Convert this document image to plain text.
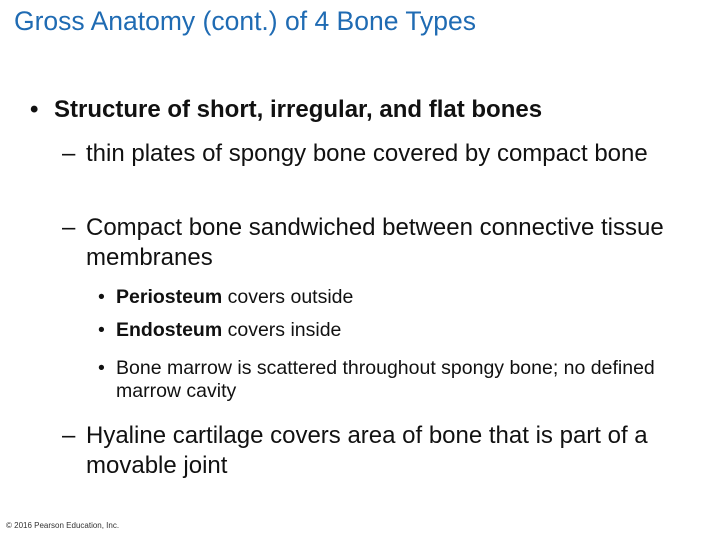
Gross Anatomy (cont.) of 4 Bone Types
• Structure of short, irregular, and flat bones
– thin plates of spongy bone covered by compact bone
– Compact bone sandwiched between connective tissue membranes
• Periosteum covers outside
• Endosteum covers inside
• Bone marrow is scattered throughout spongy bone; no defined marrow cavity
– Hyaline cartilage covers area of bone that is part of a movable joint
© 2016 Pearson Education, Inc.
